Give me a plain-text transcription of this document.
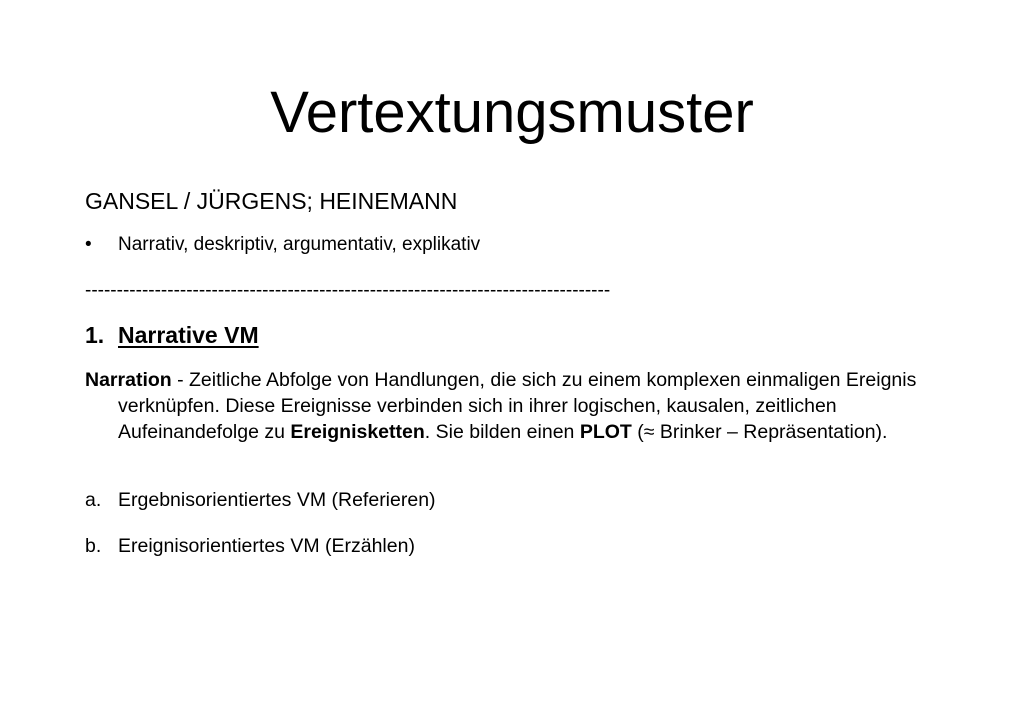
Vertextungsmuster
GANSEL / JÜRGENS; HEINEMANN
• Narrativ, deskriptiv, argumentativ, explikativ
-----------------------------------------------------------------------------------
1. Narrative VM

Narration - Zeitliche Abfolge von Handlungen, die sich zu einem komplexen einmaligen Ereignis verknüpfen. Diese Ereignisse verbinden sich in ihrer logischen, kausalen, zeitlichen Aufeinandefolge zu Ereignisketten. Sie bilden einen PLOT (≈ Brinker – Repräsentation).

a. Ergebnisorientiertes VM (Referieren)
b. Ereignisorientiertes VM (Erzählen)
